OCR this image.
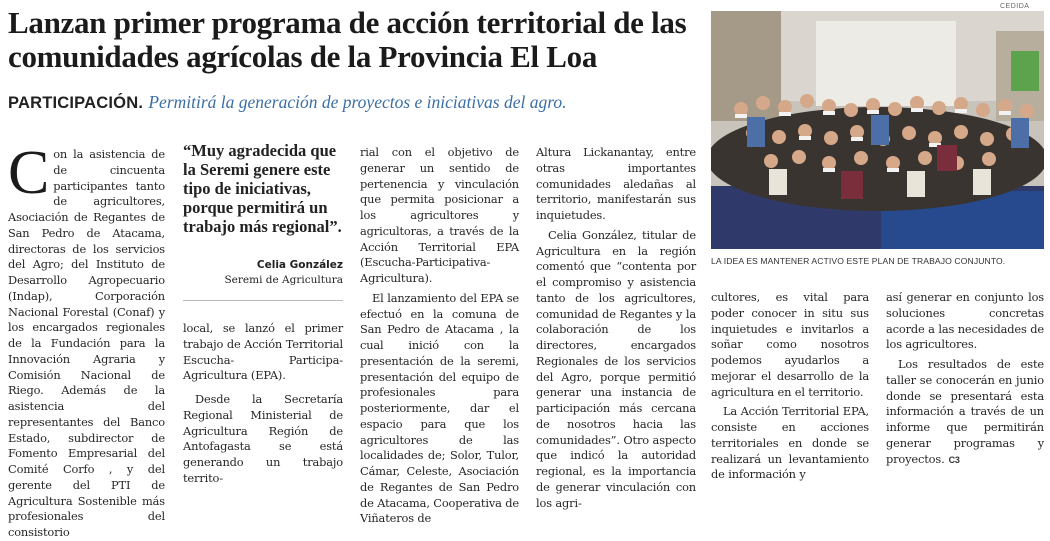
Lanzan primer programa de acción territorial de las comunidades agrícolas de la Provincia El Loa
PARTICIPACIÓN. Permitirá la generación de proyectos e iniciativas del agro.
C on la asistencia de de cincuenta participantes tanto de agricultores, Asociación de Regantes de San Pedro de Atacama, directoras de los servicios del Agro; del Instituto de Desarrollo Agropecuario (Indap), Corporación Nacional Forestal (Conaf) y los encargados regionales de la Fundación para la Innovación Agraria y Comisión Nacional de Riego. Además de la asistencia del representantes del Banco Estado, subdirector de Fomento Empresarial del Comité Corfo , y del gerente del PTI de Agricultura Sostenible más profesionales del consistorio

“Muy agradecida que la Seremi genere este tipo de iniciativas, porque permitirá un trabajo más regional”.
Celia González
Seremi de Agricultura

local, se lanzó el primer trabajo de Acción Territorial Escucha- Participa- Agricultura (EPA).

Desde la Secretaría Regional Ministerial de Agricultura Región de Antofagasta se está generando un trabajo territo-

rial con el objetivo de generar un sentido de pertenencia y vinculación que permita posicionar a los agricultores y agricultoras, a través de la Acción Territorial EPA (Escucha-Participativa-Agricultura).

El lanzamiento del EPA se efectuó en la comuna de San Pedro de Atacama , la cual inició con la presentación de la seremi, presentación del equipo de profesionales para posteriormente, dar el espacio para que los agricultores de las localidades de; Solor, Tulor, Cámar, Celeste, Asociación de Regantes de San Pedro de Atacama, Cooperativa de Viñateros de

Altura Lickanantay, entre otras importantes comunidades aledañas al territorio, manifestarán sus inquietudes.

Celia González, titular de Agricultura en la región comentó que “contenta por el compromiso y asistencia tanto de los agricultores, comunidad de Regantes y la colaboración de los directores, encargados Regionales de los servicios del Agro, porque permitió generar una instancia de participación más cercana de nosotros hacia las comunidades”. Otro aspecto que indicó la autoridad regional, es la importancia de generar vinculación con los agri-

CEDIDA
LA IDEA ES MANTENER ACTIVO ESTE PLAN DE TRABAJO CONJUNTO.

cultores, es vital para poder conocer in situ sus inquietudes e invitarlos a soñar como nosotros podemos ayudarlos a mejorar el desarrollo de la agricultura en el territorio.

La Acción Territorial EPA, consiste en acciones territoriales en donde se realizará un levantamiento de información y

así generar en conjunto los soluciones concretas acorde a las necesidades de los agricultores.

Los resultados de este taller se conocerán en junio donde se presentará esta información a través de un informe que permitirán generar programas y proyectos. C3
